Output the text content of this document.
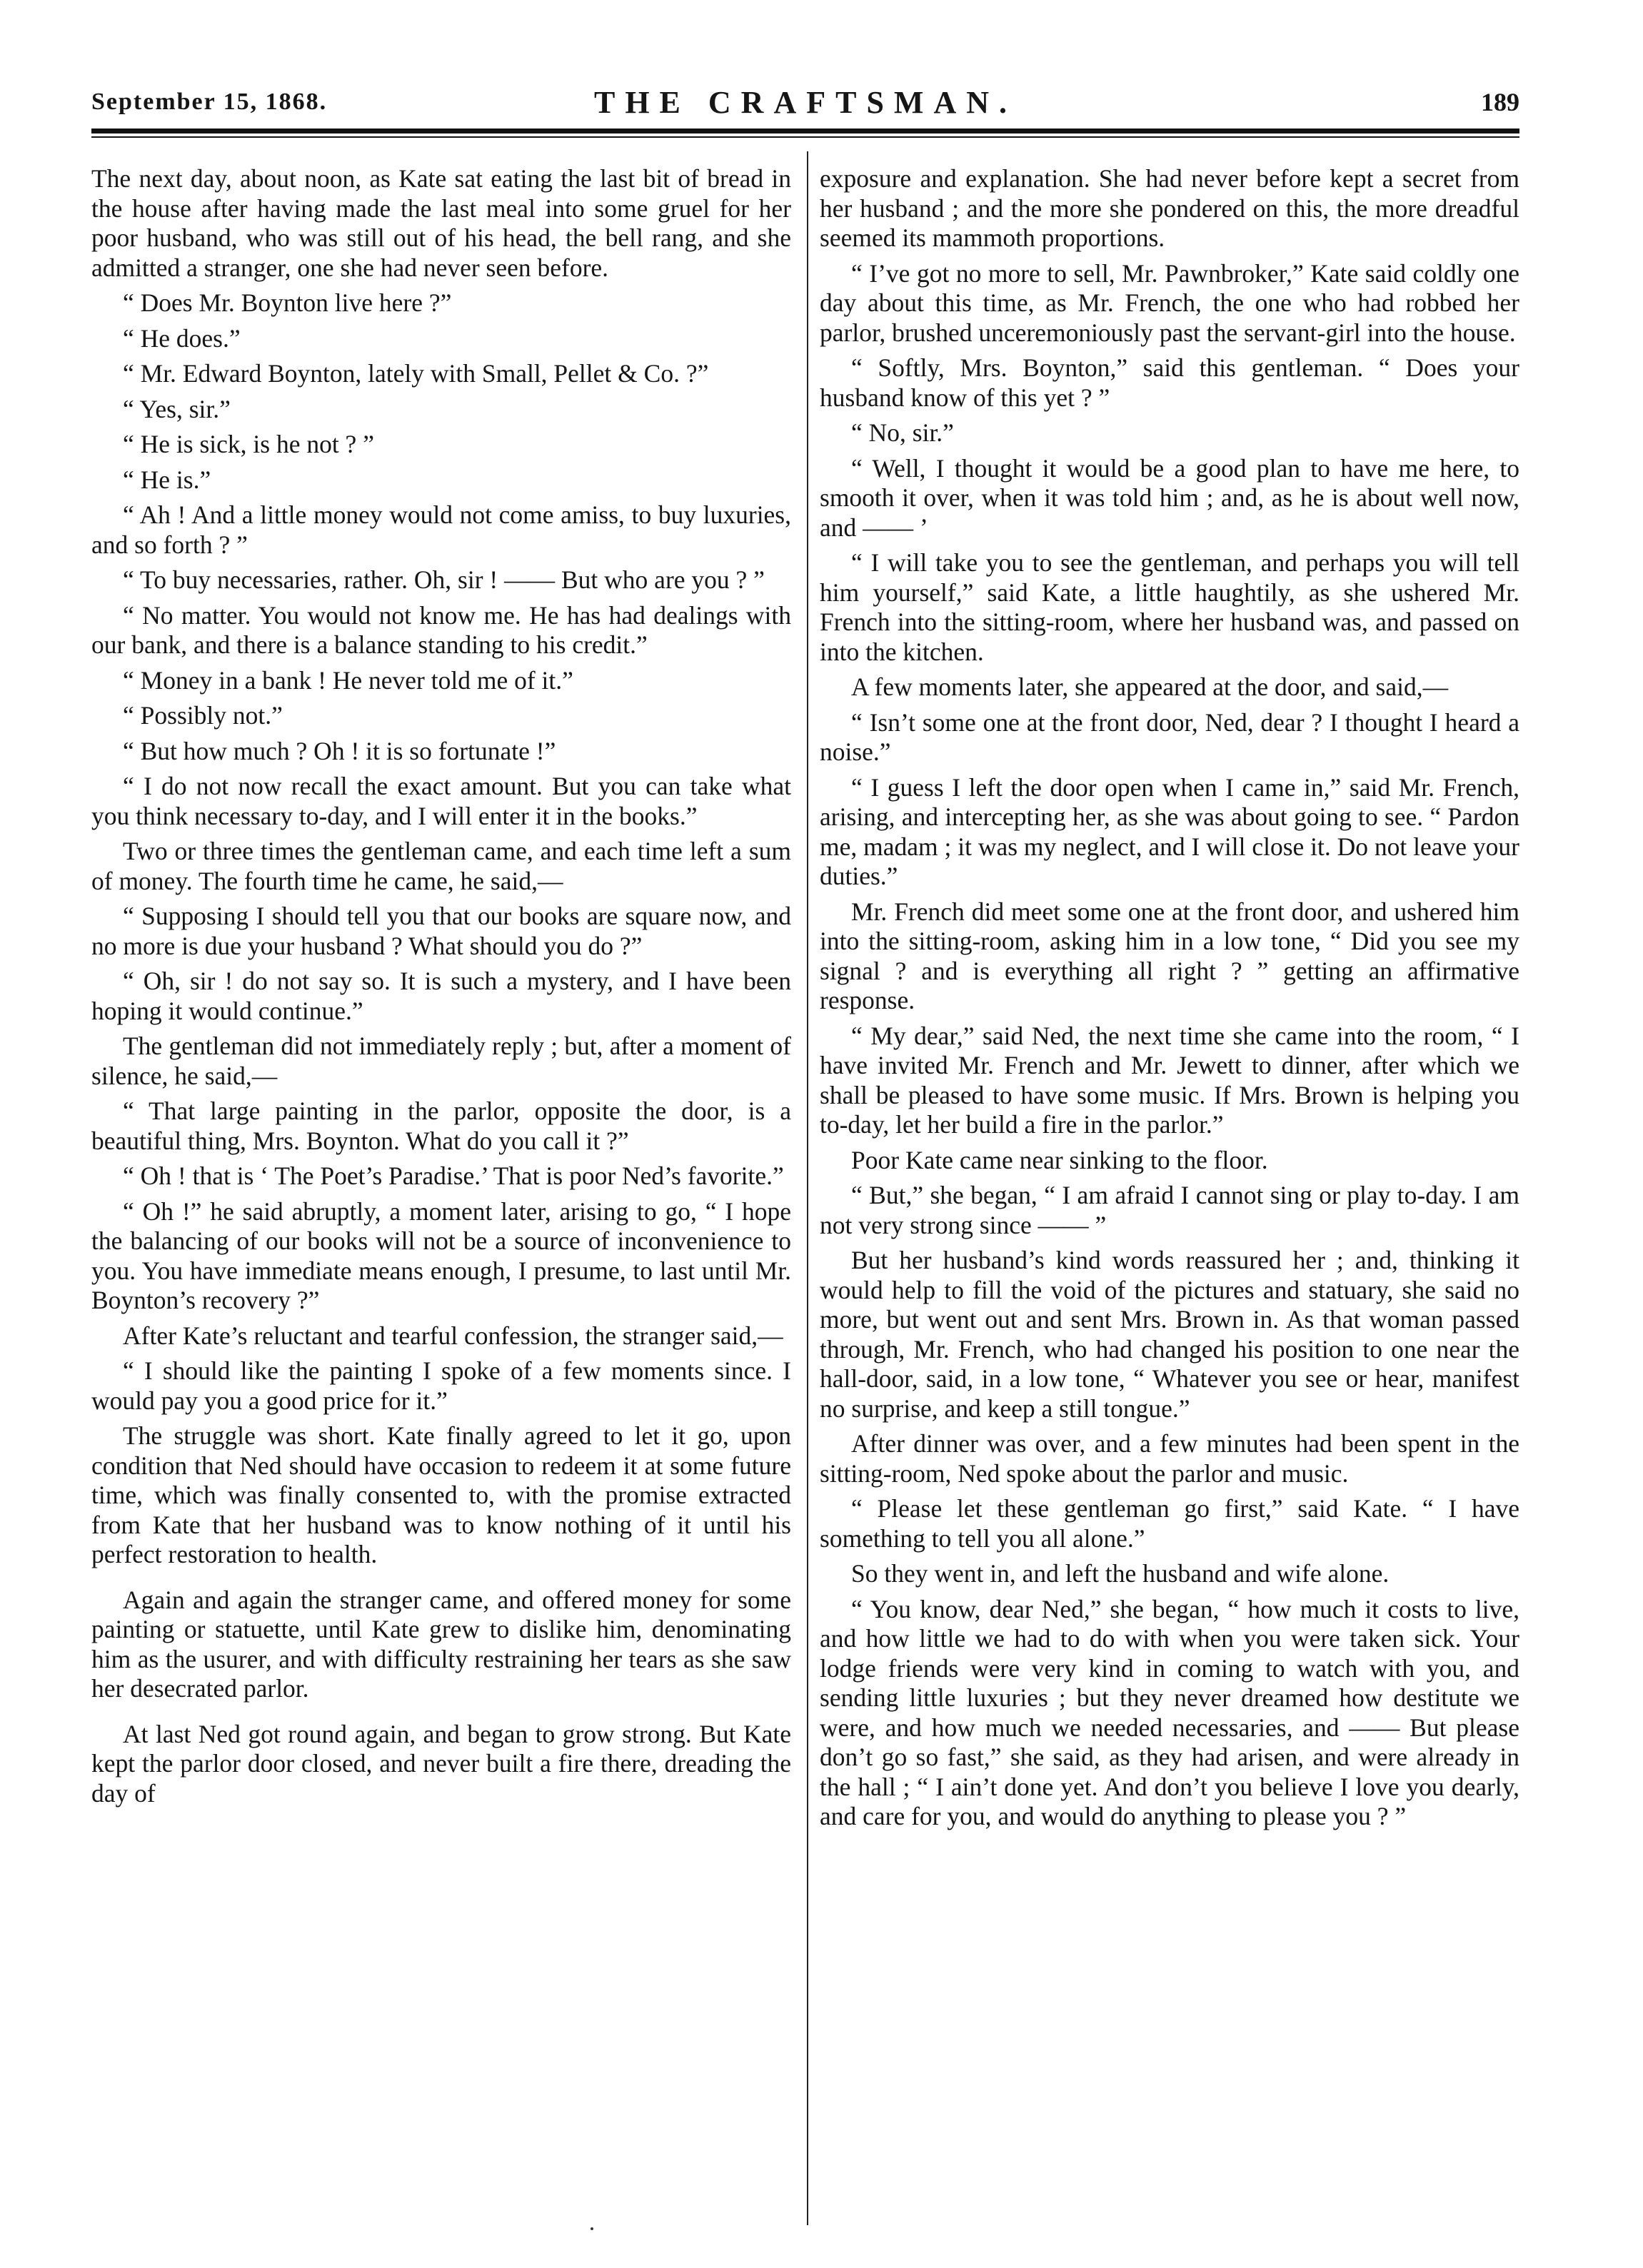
September 15, 1868.	THE CRAFTSMAN.	189

The next day, about noon, as Kate sat eating the last bit of bread in the house after having made the last meal into some gruel for her poor husband, who was still out of his head, the bell rang, and she admitted a stranger, one she had never seen before.

“ Does Mr. Boynton live here ?”

“ He does.”

“ Mr. Edward Boynton, lately with Small, Pellet & Co. ?”

“ Yes, sir.”

“ He is sick, is he not ? ”

“ He is.”

“ Ah ! And a little money would not come amiss, to buy luxuries, and so forth ? ”

“ To buy necessaries, rather. Oh, sir ! —— But who are you ? ”

“ No matter. You would not know me. He has had dealings with our bank, and there is a balance standing to his credit.”

“ Money in a bank ! He never told me of it.”

“ Possibly not.”

“ But how much ? Oh ! it is so fortunate !”

“ I do not now recall the exact amount. But you can take what you think necessary to-day, and I will enter it in the books.”

Two or three times the gentleman came, and each time left a sum of money. The fourth time he came, he said,—

“ Supposing I should tell you that our books are square now, and no more is due your husband ? What should you do ?”

“ Oh, sir ! do not say so. It is such a mystery, and I have been hoping it would continue.”

The gentleman did not immediately reply ; but, after a moment of silence, he said,—

“ That large painting in the parlor, opposite the door, is a beautiful thing, Mrs. Boynton. What do you call it ?”

“ Oh ! that is ‘ The Poet’s Paradise.’ That is poor Ned’s favorite.”

“ Oh !” he said abruptly, a moment later, arising to go, “ I hope the balancing of our books will not be a source of inconvenience to you. You have immediate means enough, I presume, to last until Mr. Boynton’s recovery ?”

After Kate’s reluctant and tearful confession, the stranger said,—

“ I should like the painting I spoke of a few moments since. I would pay you a good price for it.”

The struggle was short. Kate finally agreed to let it go, upon condition that Ned should have occasion to redeem it at some future time, which was finally consented to, with the promise extracted from Kate that her husband was to know nothing of it until his perfect restoration to health.

Again and again the stranger came, and offered money for some painting or statuette, until Kate grew to dislike him, denominating him as the usurer, and with difficulty restraining her tears as she saw her desecrated parlor.

At last Ned got round again, and began to grow strong. But Kate kept the parlor door closed, and never built a fire there, dreading the day of

exposure and explanation. She had never before kept a secret from her husband ; and the more she pondered on this, the more dreadful seemed its mammoth proportions.

“ I’ve got no more to sell, Mr. Pawnbroker,” Kate said coldly one day about this time, as Mr. French, the one who had robbed her parlor, brushed unceremoniously past the servant-girl into the house.

“ Softly, Mrs. Boynton,” said this gentleman. “ Does your husband know of this yet ? ”

“ No, sir.”

“ Well, I thought it would be a good plan to have me here, to smooth it over, when it was told him ; and, as he is about well now, and —— ’

“ I will take you to see the gentleman, and perhaps you will tell him yourself,” said Kate, a little haughtily, as she ushered Mr. French into the sitting-room, where her husband was, and passed on into the kitchen.

A few moments later, she appeared at the door, and said,—

“ Isn’t some one at the front door, Ned, dear ? I thought I heard a noise.”

“ I guess I left the door open when I came in,” said Mr. French, arising, and intercepting her, as she was about going to see. “ Pardon me, madam ; it was my neglect, and I will close it. Do not leave your duties.”

Mr. French did meet some one at the front door, and ushered him into the sitting-room, asking him in a low tone, “ Did you see my signal ? and is everything all right ? ” getting an affirmative response.

“ My dear,” said Ned, the next time she came into the room, “ I have invited Mr. French and Mr. Jewett to dinner, after which we shall be pleased to have some music. If Mrs. Brown is helping you to-day, let her build a fire in the parlor.”

Poor Kate came near sinking to the floor.

“ But,” she began, “ I am afraid I cannot sing or play to-day. I am not very strong since —— ”

But her husband’s kind words reassured her ; and, thinking it would help to fill the void of the pictures and statuary, she said no more, but went out and sent Mrs. Brown in. As that woman passed through, Mr. French, who had changed his position to one near the hall-door, said, in a low tone, “ Whatever you see or hear, manifest no surprise, and keep a still tongue.”

After dinner was over, and a few minutes had been spent in the sitting-room, Ned spoke about the parlor and music.

“ Please let these gentleman go first,” said Kate. “ I have something to tell you all alone.”

So they went in, and left the husband and wife alone.

“ You know, dear Ned,” she began, “ how much it costs to live, and how little we had to do with when you were taken sick. Your lodge friends were very kind in coming to watch with you, and sending little luxuries ; but they never dreamed how destitute we were, and how much we needed necessaries, and —— But please don’t go so fast,” she said, as they had arisen, and were already in the hall ; “ I ain’t done yet. And don’t you believe I love you dearly, and care for you, and would do anything to please you ? ”
